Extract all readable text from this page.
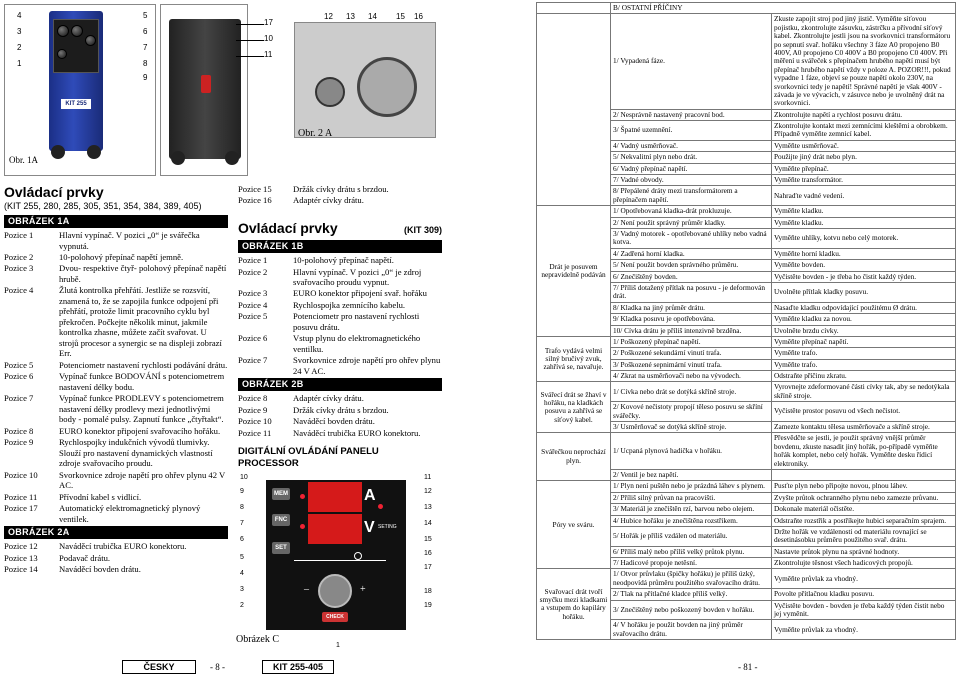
KIT 255
4
3
2
1
5
6
7
8
9
Obr. 1A
17
10
11
12 13 14 15 16
Obr. 2 A
Ovládací prvky
(KIT 255, 280, 285, 305, 351, 354, 384, 389, 405)
OBRÁZEK 1A
Pozice 1	Hlavní vypínač. V pozici „0“ je svářečka vypnutá.
Pozice 2	10-polohový přepínač napětí jemně.
Pozice 3	Dvou- respektive čtyř- polohový přepínač napětí hrubě.
Pozice 4	Žlutá kontrolka přehřátí. Jestliže se rozsvítí, znamená to, že se zapojila funkce odpojení při přehřátí, protože limit pracovního cyklu byl překročen. Počkejte několik minut, jakmile kontrolka zhasne, můžete začít svařovat. U strojů procesor a synergic se na displeji zobrazí Err.
Pozice 5	Potenciometr nastavení rychlosti podávání drátu.
Pozice 6	Vypínač funkce BODOVÁNÍ s potenciometrem nastavení délky bodu.
Pozice 7	Vypínač funkce PRODLEVY s potenciometrem nastavení délky prodlevy mezi jednotlivými body - pomalé pulsy. Zapnutí funkce „čtyřtakt“.
Pozice 8	EURO konektor připojení svařovacího hořáku.
Pozice 9	Rychlospojky indukčních vývodů tlumivky. Slouží pro nastavení dynamických vlastností zdroje svařovacího proudu.
Pozice 10	Svorkovnice zdroje napětí pro ohřev plynu 42 V AC.
Pozice 11	Přívodní kabel s vidlicí.
Pozice 17	Automatický elektromagnetický plynový ventilek.
OBRÁZEK 2A
Pozice 12	Naváděcí trubička EURO konektoru.
Pozice 13	Podavač drátu.
Pozice 14	Naváděcí bovden drátu.
Pozice 15	Držák cívky drátu s brzdou.
Pozice 16	Adaptér cívky drátu.
Ovládací prvky	(KIT 309)
OBRÁZEK 1B
Pozice 1	10-polohový přepínač napětí.
Pozice 2	Hlavní vypínač. V pozici „0“ je zdroj svařovacího proudu vypnut.
Pozice 3	EURO konektor připojení svař. hořáku
Pozice 4	Rychlospojka zemnícího kabelu.
Pozice 5	Potenciometr pro nastavení rychlosti posuvu drátu.
Pozice 6	Vstup plynu do elektromagnetického ventilku.
Pozice 7	Svorkovnice zdroje napětí pro ohřev plynu 24 V AC.
OBRÁZEK 2B
Pozice 8	Adaptér cívky drátu.
Pozice 9	Držák cívky drátu s brzdou.
Pozice 10	Naváděcí bovden drátu.
Pozice 11	Naváděcí trubička EURO konektoru.
DIGITÁLNÍ OVLÁDÁNÍ PANELU PROCESSOR
MEM
FNC
SET
A
V SETING
–	+
CHECK
10
9
8
7
6
5
4
3
2
11
12
13
14
15
16
17
18
19
1
Obrázek C
ČESKY	- 8 -	KIT 255-405
	B/ OSTATNÍ PŘÍČINY	
	1/ Vypadená fáze.	Zkuste zapojit stroj pod jiný jistič. Vyměňte síťovou pojistku, zkontrolujte zásuvku, zástrčku a přívodní síťový kabel. Zkontrolujte jestli jsou na svorkovnici transformátoru po sepnutí svař. hořáku všechny 3 fáze A0 propojeno B0 400V, A0 propojeno C0 400V a B0 propojeno C0 400V. Při měření u svářeček s přepínačem hrubého napětí musí být přepínač hrubého napětí vždy v poloze A. POZOR!!!, pokud vypadne 1 fáze, objeví se pouze napětí okolo 230V, na svorkovnici tedy je napětí! Správné napětí je však 400V - závada je ve vývacích, v zásuvce nebo je uvolněný drát na svorkovnici.
	2/ Nesprávně nastavený pracovní bod.	Zkontrolujte napětí a rychlost posuvu drátu.
	3/ Špatné uzemnění.	Zkontrolujte kontakt mezi zemnícími kleštěmi a obrobkem. Případně vyměňte zemnicí kabel.
	4/ Vadný usměrňovač.	Vyměňte usměrňovač.
	5/ Nekvalitní plyn nebo drát.	Použijte jiný drát nebo plyn.
	6/ Vadný přepínač napětí.	Vyměňte přepínač.
	7/ Vadné obvody.	Vyměňte transformátor.
	8/ Přepálené dráty mezi transformátorem a přepínačem napětí.	Nahraďte vadné vedení.
Drát je posuvem nepravidelně podáván	1/ Opotřebovaná kladka-drát prokluzuje.	Vyměňte kladku.
	2/ Není použit správný průměr kladky.	Vyměňte kladku.
	3/ Vadný motorek - opotřebované uhlíky nebo vadná kotva.	Vyměňte uhlíky, kotvu nebo celý motorek.
	4/ Zadřená horní kladka.	Vyměňte horní kladku.
	5/ Není použit bovden správného průměru.	Vyměňte bovden.
	6/ Znečištěný bovden.	Vyčistěte bovden - je třeba ho čistit každý týden.
	7/ Příliš dotažený přítlak na posuvu - je deformován drát.	Uvolněte přítlak kladky posuvu.
	8/ Kladka na jiný průměr drátu.	Nasaďte kladku odpovídající použitému Ø drátu.
	9/ Kladka posuvu je opotřebována.	Vyměňte kladku za novou.
	10/ Cívka drátu je příliš intenzivně brzděna.	Uvolněte brzdu cívky.
Trafo vydává velmi silný bručivý zvuk, zahřívá se, navařuje.	1/ Poškozený přepínač napětí.	Vyměňte přepínač napětí.
	2/ Poškozené sekundární vinutí trafa.	Vyměňte trafo.
	3/ Poškozené sepnimární vinutí trafa.	Vyměňte trafo.
	4/ Zkrat na usměrňovači nebo na vývodech.	Odstraňte příčinu zkratu.
Svářecí drát se žhaví v hořáku, na kladkách posuvu a zahřívá se síťový kabel.	1/ Cívka nebo drát se dotýká skříně stroje.	Vyrovnejte zdeformované části cívky tak, aby se nedotýkala skříně stroje.
	2/ Kovové nečistoty propojí těleso posuvu se skříní svářečky.	Vyčistěte prostor posuvu od všech nečistot.
	3/ Usměrňovač se dotýká skříně stroje.	Zamezte kontaktu tělesa usměrňovače a skříně stroje.
Svářečkou neprochází plyn.	1/ Ucpaná plynová hadička v hořáku.	Přesvědčte se jestli, je použit správný vnější průměr bovdenu, zkuste nasadit jiný hořák, po-případě vyměňte hořák komplet, nebo celý hořák. Vyměňte desku řídicí elektroniky.
	2/ Ventil je bez napětí.	
Póry ve sváru.	1/ Plyn není puštěn nebo je prázdná láhev s plynem.	Pusťte plyn nebo připojte novou, plnou láhev.
	2/ Příliš silný průvan na pracovišti.	Zvyšte průtok ochranného plynu nebo zamezte průvanu.
	3/ Materiál je znečištěn rzí, barvou nebo olejem.	Dokonale materiál očistěte.
	4/ Hubice hořáku je znečištěna rozstřikem.	Odstraňte rozstřik a postříkejte hubici separačním sprajem.
	5/ Hořák je příliš vzdálen od materiálu.	Držte hořák ve vzdálenosti od materiálu rovnající se desetinásobku průměru použitého svař. drátu.
	6/ Příliš malý nebo příliš velký průtok plynu.	Nastavte průtok plynu na správné hodnoty.
	7/ Hadicové propoje netěsní.	Zkontrolujte těsnost všech hadicových propojů.
Svařovací drát tvoří smyčku mezi kladkami a vstupem do kapiláry hořáku.	1/ Otvor průvlaku (špičky hořáku) je příliš úzký, neodpovídá průměru použitého svařovacího drátu.	Vyměňte průvlak za vhodný.
	2/ Tlak na přítlačné kladce příliš velký.	Povolte přítlačnou kladku posuvu.
	3/ Znečištěný nebo poškozený bovden v hořáku.	Vyčistěte bovden - bovden je třeba každý týden čistit nebo jej vyměnit.
	4/ V hořáku je použit bovden na jiný průměr svařovacího drátu.	Vyměňte průvlak za vhodný.
- 81 -
